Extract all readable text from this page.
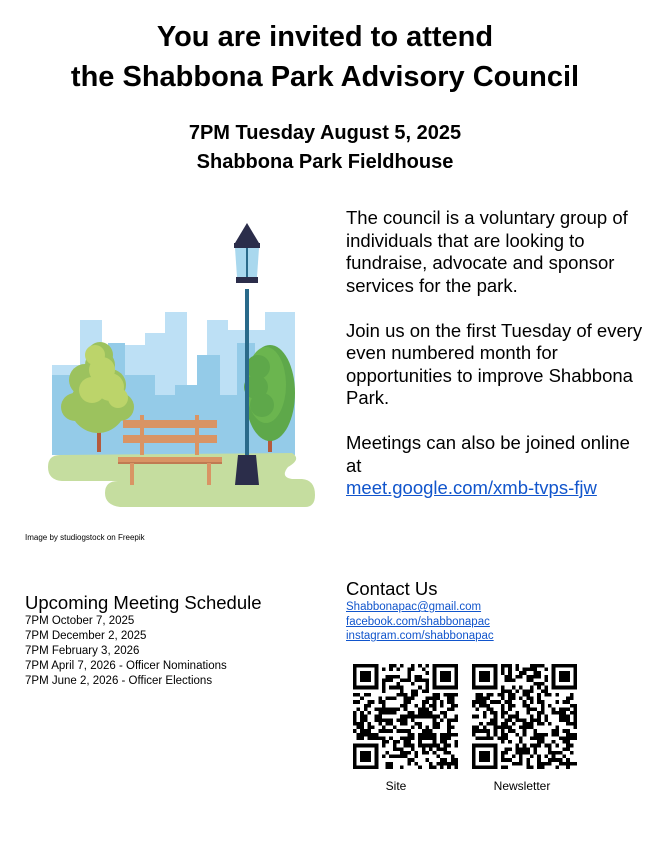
You are invited to attend
the Shabbona Park Advisory Council
7PM Tuesday August 5, 2025
Shabbona Park Fieldhouse
Image by studiogstock on Freepik

The council is a voluntary group of individuals that are looking to fundraise, advocate and sponsor services for the park.

Join us on the first Tuesday of every even numbered month for opportunities to improve Shabbona Park.

Meetings can also be joined online at
meet.google.com/xmb-tvps-fjw

Upcoming Meeting Schedule
7PM October 7, 2025
7PM December 2, 2025
7PM February 3, 2026
7PM April 7, 2026 - Officer Nominations
7PM June 2, 2026 - Officer Elections
Contact Us
Shabbonapac@gmail.com
facebook.com/shabbonapac
instagram.com/shabbonapac
Site	Newsletter
